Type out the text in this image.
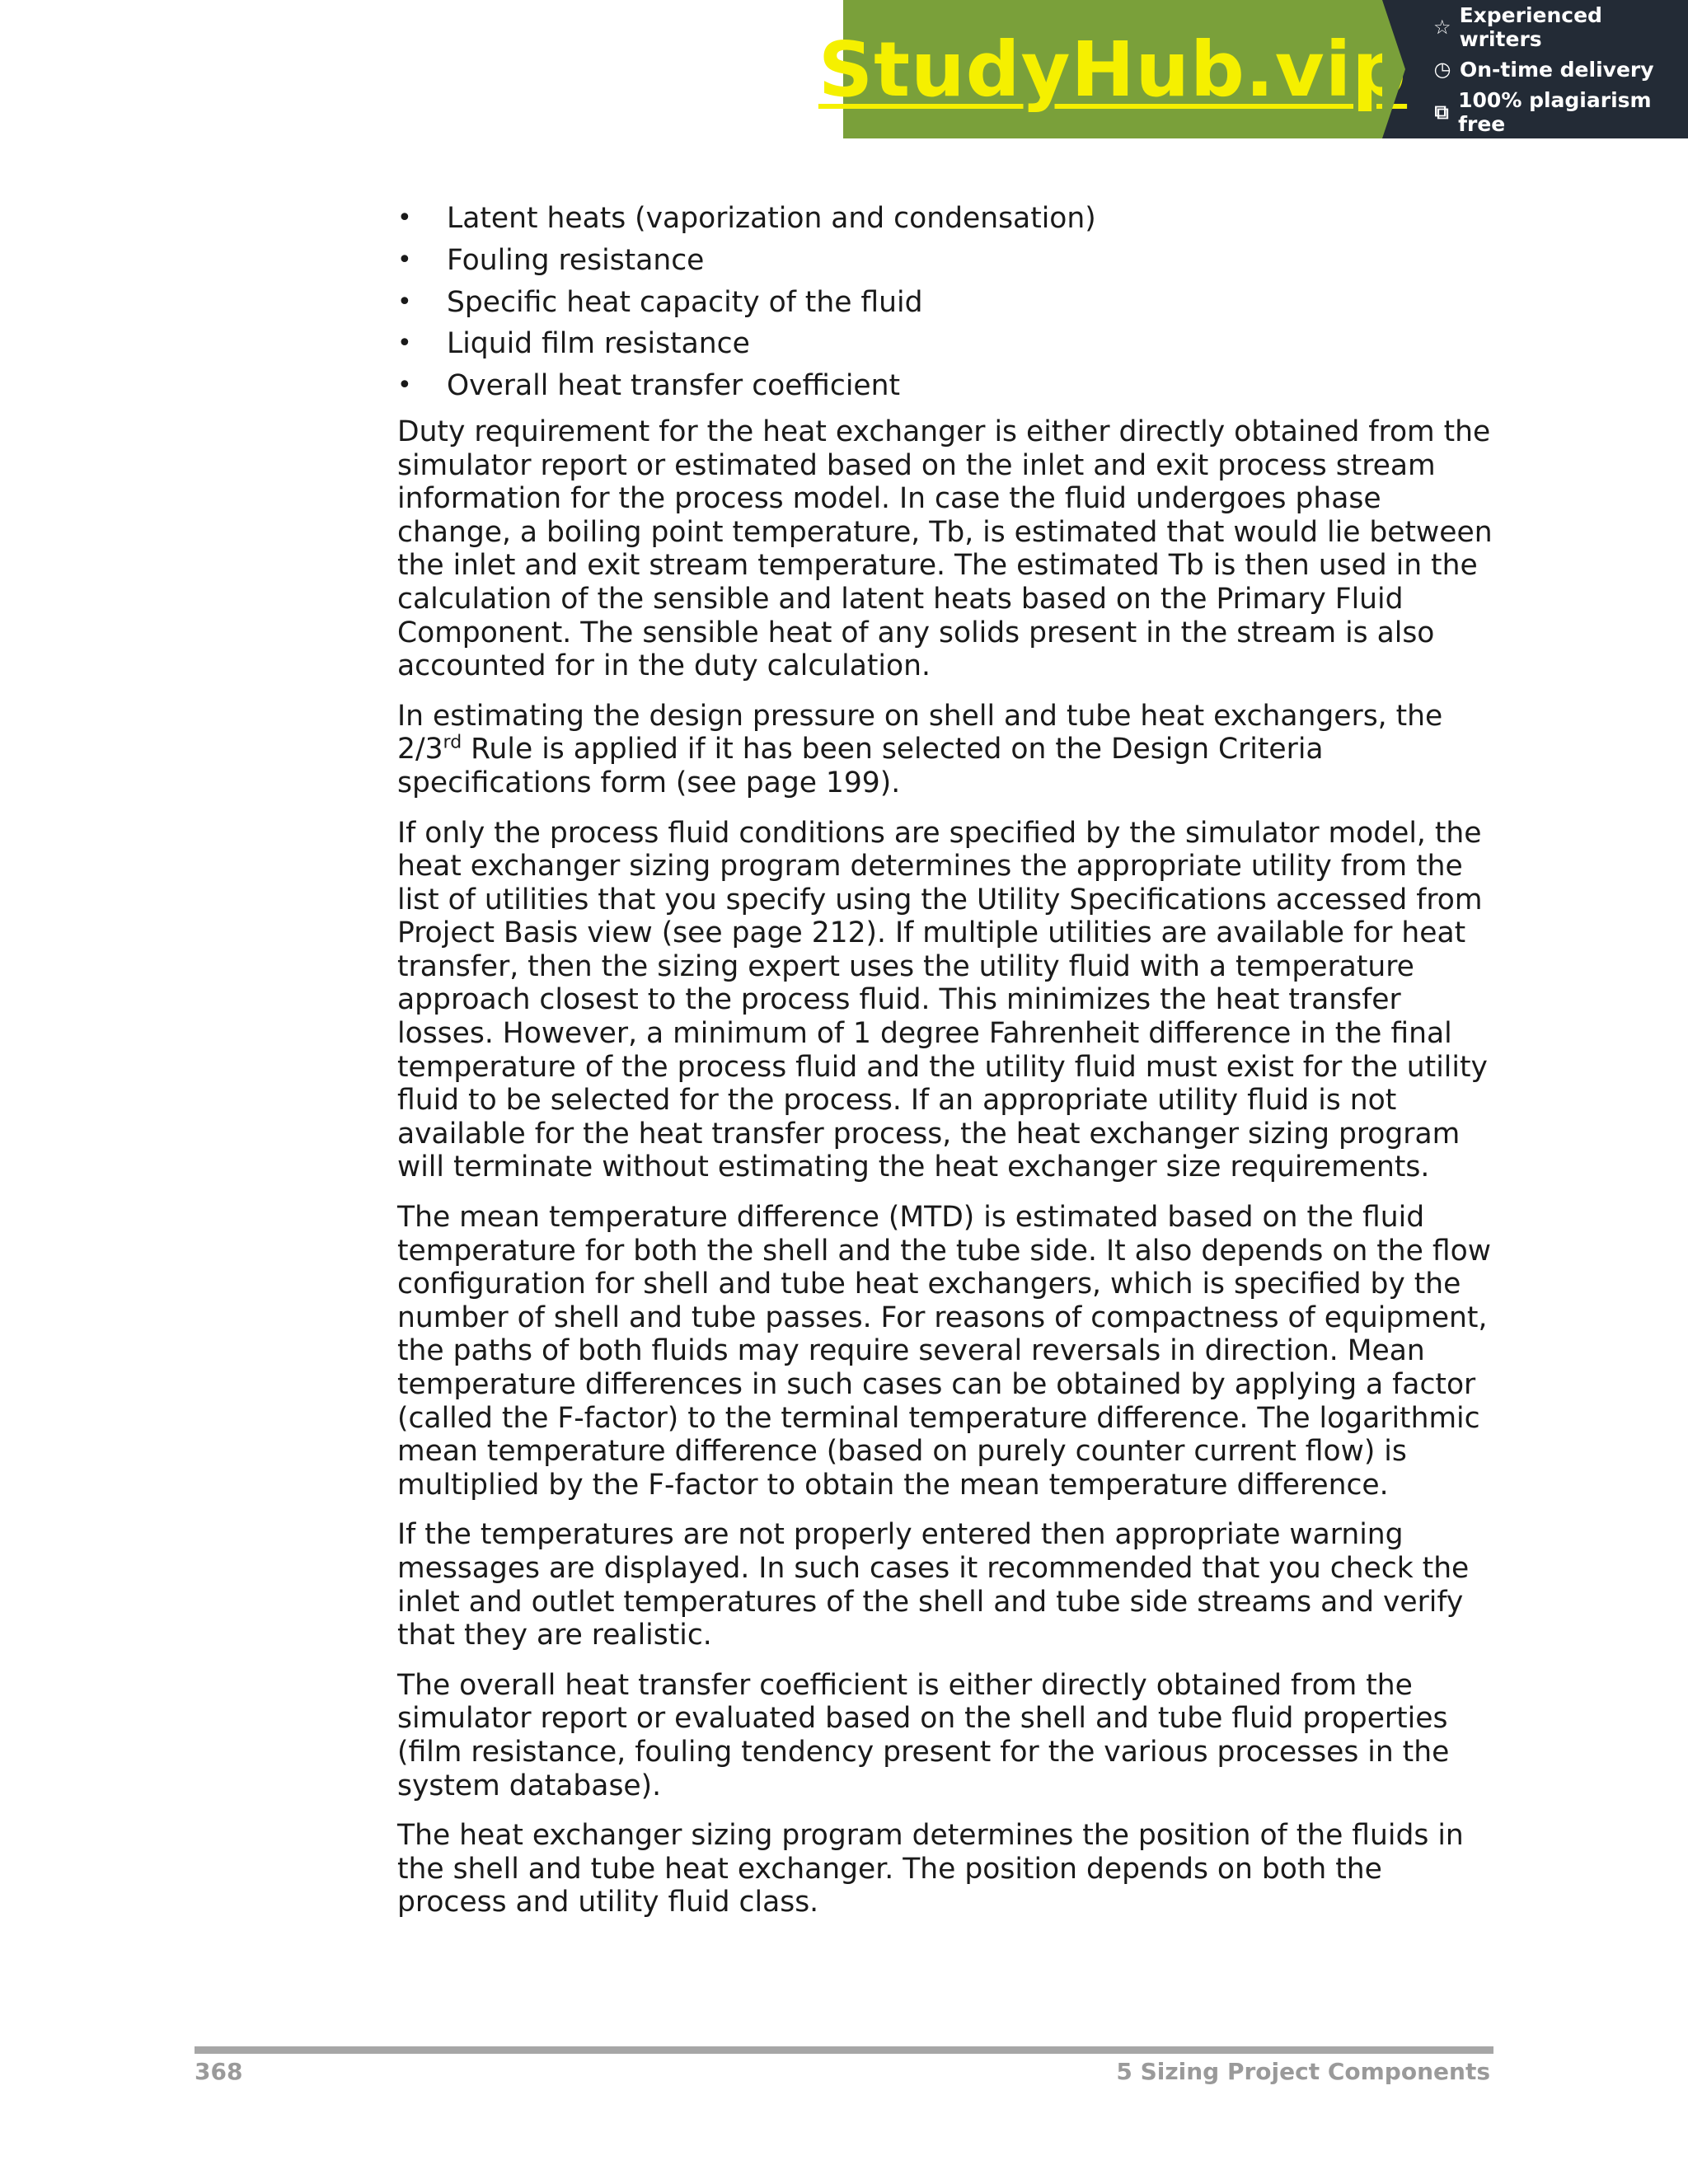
StudyHub.vip ☆ Experienced writers
◷ On-time delivery
⧉ 100% plagiarism free
• Latent heats (vaporization and condensation)
• Fouling resistance
• Specific heat capacity of the fluid
• Liquid film resistance
• Overall heat transfer coefficient

Duty requirement for the heat exchanger is either directly obtained from the simulator report or estimated based on the inlet and exit process stream information for the process model. In case the fluid undergoes phase change, a boiling point temperature, Tb, is estimated that would lie between the inlet and exit stream temperature. The estimated Tb is then used in the calculation of the sensible and latent heats based on the Primary Fluid Component. The sensible heat of any solids present in the stream is also accounted for in the duty calculation.

In estimating the design pressure on shell and tube heat exchangers, the 2/3rd Rule is applied if it has been selected on the Design Criteria specifications form (see page 199).

If only the process fluid conditions are specified by the simulator model, the heat exchanger sizing program determines the appropriate utility from the list of utilities that you specify using the Utility Specifications accessed from Project Basis view (see page 212). If multiple utilities are available for heat transfer, then the sizing expert uses the utility fluid with a temperature approach closest to the process fluid. This minimizes the heat transfer losses. However, a minimum of 1 degree Fahrenheit difference in the final temperature of the process fluid and the utility fluid must exist for the utility fluid to be selected for the process. If an appropriate utility fluid is not available for the heat transfer process, the heat exchanger sizing program will terminate without estimating the heat exchanger size requirements.

The mean temperature difference (MTD) is estimated based on the fluid temperature for both the shell and the tube side. It also depends on the flow configuration for shell and tube heat exchangers, which is specified by the number of shell and tube passes. For reasons of compactness of equipment, the paths of both fluids may require several reversals in direction. Mean temperature differences in such cases can be obtained by applying a factor (called the F-factor) to the terminal temperature difference. The logarithmic mean temperature difference (based on purely counter current flow) is multiplied by the F-factor to obtain the mean temperature difference.

If the temperatures are not properly entered then appropriate warning messages are displayed. In such cases it recommended that you check the inlet and outlet temperatures of the shell and tube side streams and verify that they are realistic.

The overall heat transfer coefficient is either directly obtained from the simulator report or evaluated based on the shell and tube fluid properties (film resistance, fouling tendency present for the various processes in the system database).

The heat exchanger sizing program determines the position of the fluids in the shell and tube heat exchanger. The position depends on both the process and utility fluid class.

368	5 Sizing Project Components
